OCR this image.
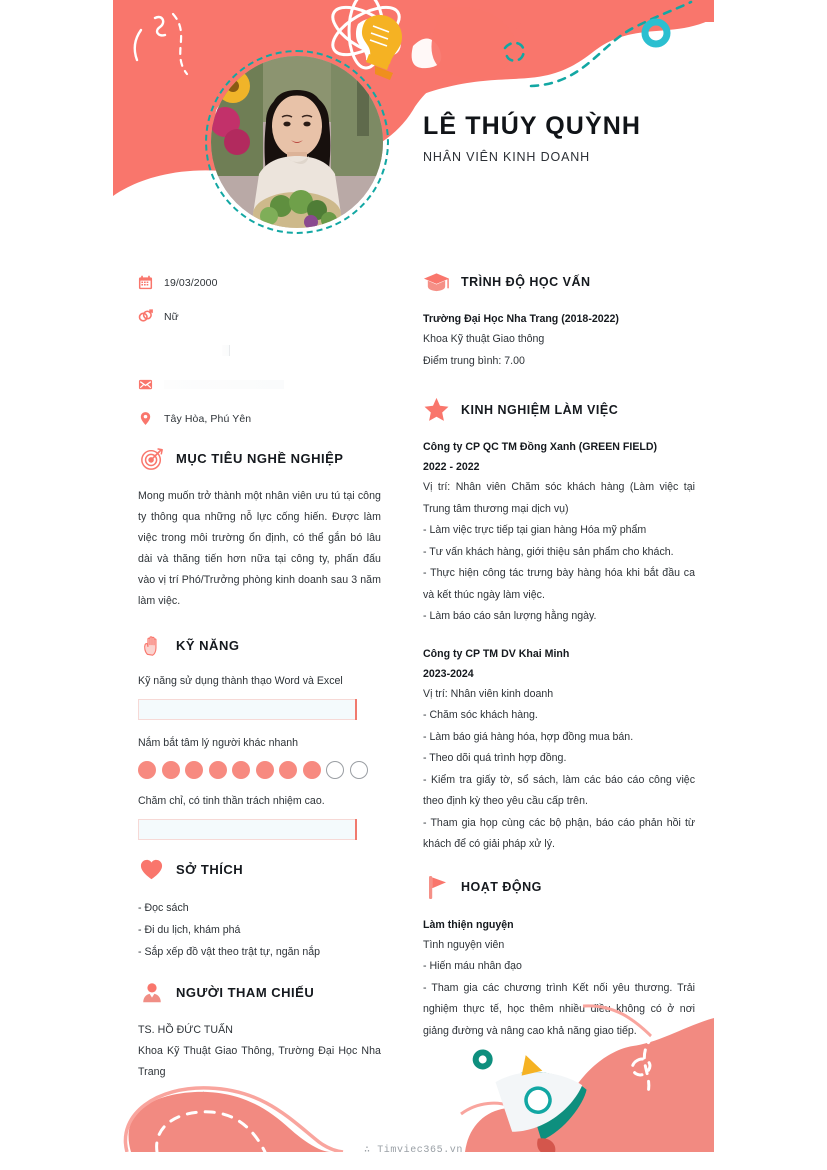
LÊ THÚY QUỲNH
NHÂN VIÊN KINH DOANH
19/03/2000
Nữ
Tây Hòa, Phú Yên
MỤC TIÊU NGHỀ NGHIỆP
Mong muốn trở thành một nhân viên ưu tú tại công ty thông qua những nỗ lực cống hiến. Được làm việc trong môi trường ổn định, có thể gắn bó lâu dài và thăng tiến hơn nữa tại công ty, phấn đấu vào vị trí Phó/Trưởng phòng kinh doanh sau 3 năm làm việc.
KỸ NĂNG
Kỹ năng sử dụng thành thạo Word và Excel
Nắm bắt tâm lý người khác nhanh
Chăm chỉ, có tinh thần trách nhiệm cao.
SỞ THÍCH
- Đọc sách
- Đi du lịch, khám phá
- Sắp xếp đồ vật theo trật tự, ngăn nắp
NGƯỜI THAM CHIẾU
TS. HỒ ĐỨC TUẤN
Khoa Kỹ Thuật Giao Thông, Trường Đại Học Nha Trang
TRÌNH ĐỘ HỌC VẤN
Trường Đại Học Nha Trang (2018-2022)
Khoa Kỹ thuật Giao thông
Điểm trung bình: 7.00
KINH NGHIỆM LÀM VIỆC
Công ty CP QC TM Đồng Xanh (GREEN FIELD)
2022 - 2022
Vị trí: Nhân viên Chăm sóc khách hàng (Làm việc tại Trung tâm thương mại dịch vụ)
- Làm việc trực tiếp tại gian hàng Hóa mỹ phẩm
- Tư vấn khách hàng, giới thiệu sản phẩm cho khách.
- Thực hiện công tác trưng bày hàng hóa khi bắt đầu ca và kết thúc ngày làm việc.
- Làm báo cáo sản lượng hằng ngày.
Công ty CP TM DV Khai Minh
2023-2024
Vị trí: Nhân viên kinh doanh
- Chăm sóc khách hàng.
- Làm báo giá hàng hóa, hợp đồng mua bán.
- Theo dõi quá trình hợp đồng.
- Kiểm tra giấy tờ, sổ sách, làm các báo cáo công việc theo định kỳ theo yêu cầu cấp trên.
- Tham gia họp cùng các bộ phận, báo cáo phản hồi từ khách để có giải pháp xử lý.
HOẠT ĐỘNG
Làm thiện nguyện
Tình nguyện viên
- Hiến máu nhân đạo
- Tham gia các chương trình Kết nối yêu thương. Trải nghiệm thực tế, học thêm nhiều điều không có ở nơi giảng đường và nâng cao khả năng giao tiếp.
∴ Timviec365.vn
